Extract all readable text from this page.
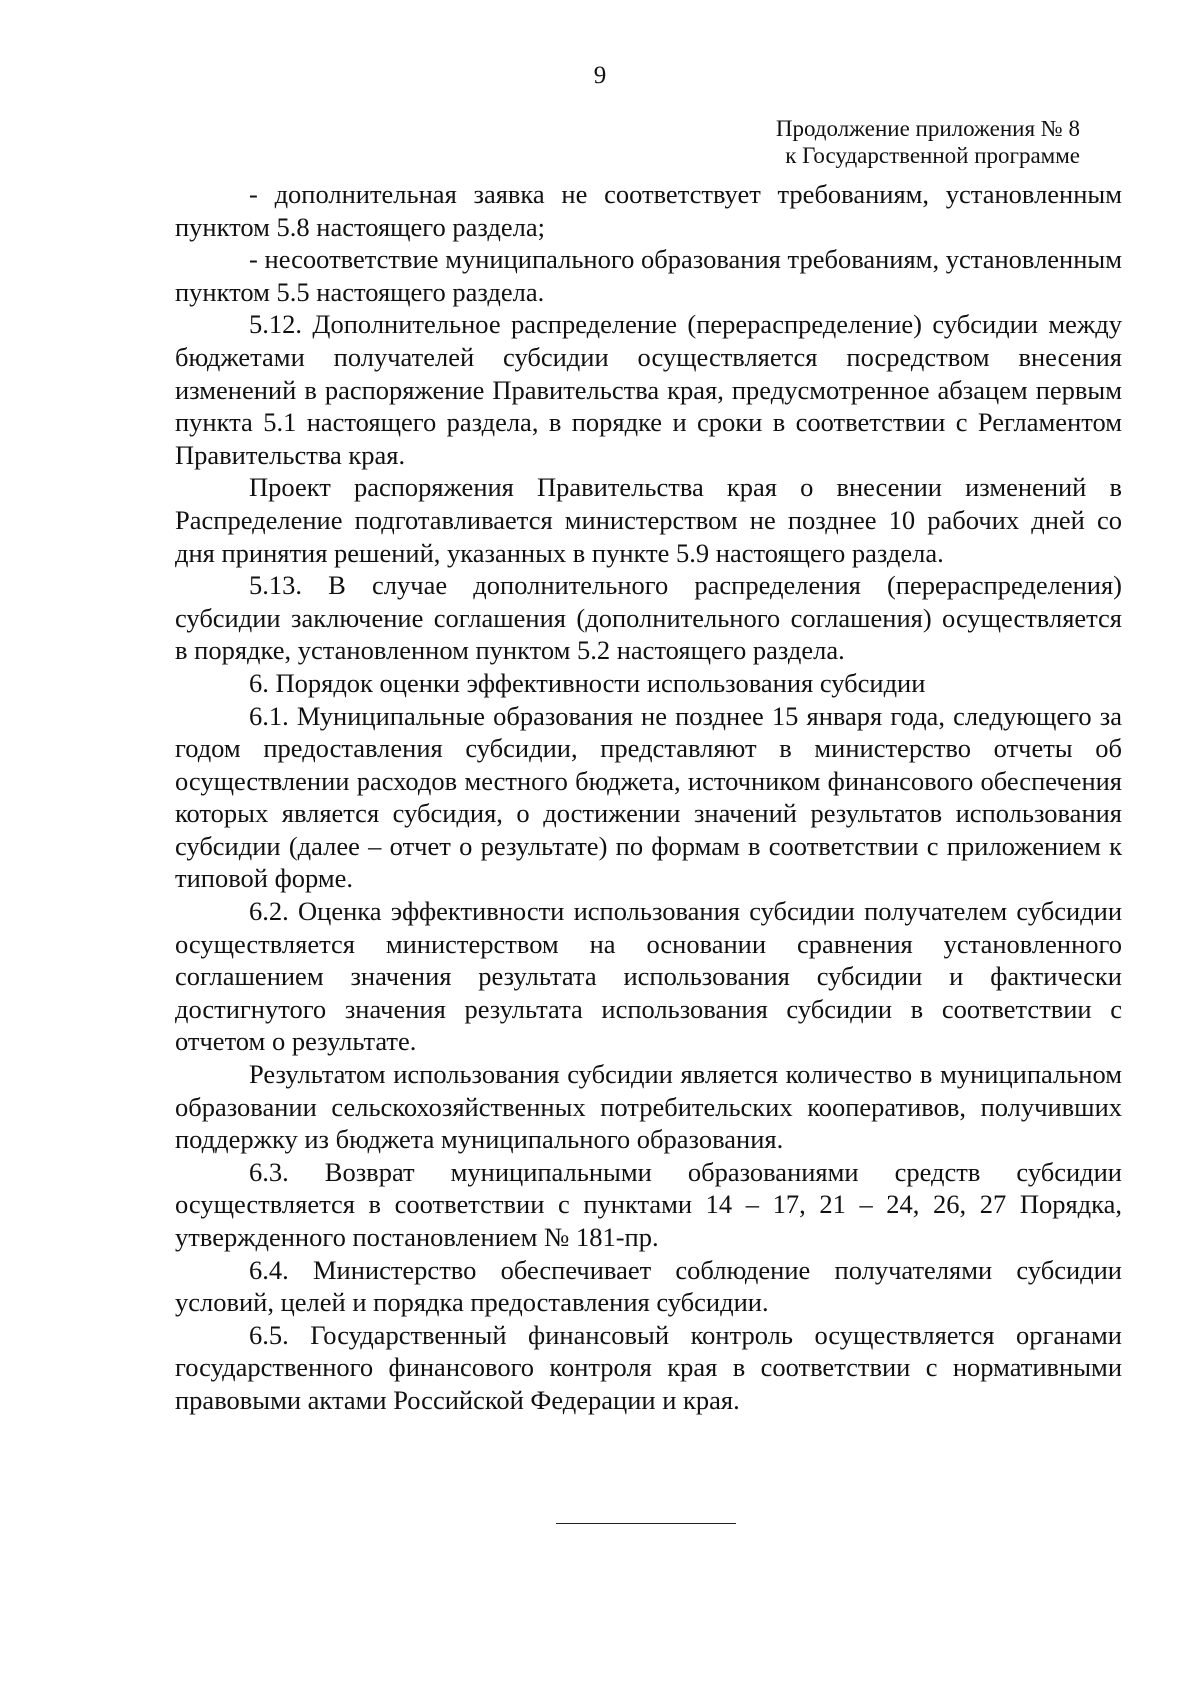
9
Продолжение приложения № 8
к Государственной программе

- дополнительная заявка не соответствует требованиям, установленным пунктом 5.8 настоящего раздела;

- несоответствие муниципального образования требованиям, установленным пунктом 5.5 настоящего раздела.

5.12. Дополнительное распределение (перераспределение) субсидии между бюджетами получателей субсидии осуществляется посредством внесения изменений в распоряжение Правительства края, предусмотренное абзацем первым пункта 5.1 настоящего раздела, в порядке и сроки в соответствии с Регламентом Правительства края.

Проект распоряжения Правительства края о внесении изменений в Распределение подготавливается министерством не позднее 10 рабочих дней со дня принятия решений, указанных в пункте 5.9 настоящего раздела.

5.13. В случае дополнительного распределения (перераспределения) субсидии заключение соглашения (дополнительного соглашения) осуществляется в порядке, установленном пунктом 5.2 настоящего раздела.

6. Порядок оценки эффективности использования субсидии

6.1. Муниципальные образования не позднее 15 января года, следующего за годом предоставления субсидии, представляют в министерство отчеты об осуществлении расходов местного бюджета, источником финансового обеспечения которых является субсидия, о достижении значений результатов использования субсидии (далее – отчет о результате) по формам в соответствии с приложением к типовой форме.

6.2. Оценка эффективности использования субсидии получателем субсидии осуществляется министерством на основании сравнения установленного соглашением значения результата использования субсидии и фактически достигнутого значения результата использования субсидии в соответствии с отчетом о результате.

Результатом использования субсидии является количество в муниципальном образовании сельскохозяйственных потребительских кооперативов, получивших поддержку из бюджета муниципального образования.

6.3. Возврат муниципальными образованиями средств субсидии осуществляется в соответствии с пунктами 14 – 17, 21 – 24, 26, 27 Порядка, утвержденного постановлением № 181-пр.

6.4. Министерство обеспечивает соблюдение получателями субсидии условий, целей и порядка предоставления субсидии.

6.5. Государственный финансовый контроль осуществляется органами государственного финансового контроля края в соответствии с нормативными правовыми актами Российской Федерации и края.
